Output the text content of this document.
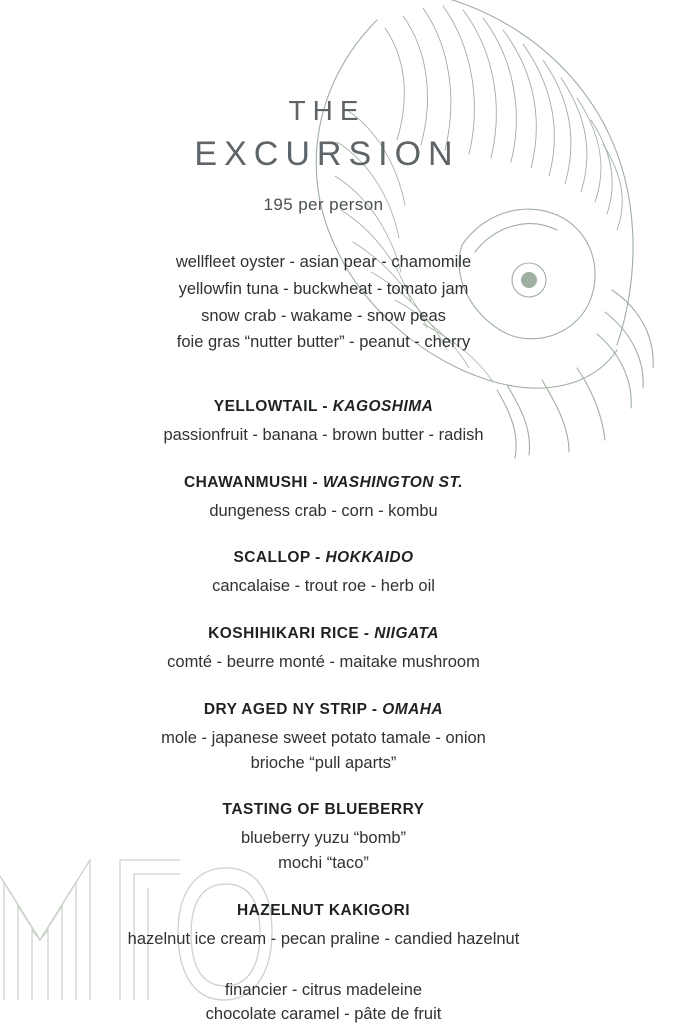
THE
EXCURSION
195 per person
wellfleet oyster - asian pear - chamomile
yellowfin tuna - buckwheat - tomato jam
snow crab - wakame - snow peas
foie gras “nutter butter” - peanut - cherry
YELLOWTAIL - KAGOSHIMA
passionfruit - banana - brown butter - radish
CHAWANMUSHI - WASHINGTON ST.
dungeness crab - corn - kombu
SCALLOP - HOKKAIDO
cancalaise - trout roe - herb oil
KOSHIHIKARI RICE - NIIGATA
comté - beurre monté - maitake mushroom
DRY AGED NY STRIP - OMAHA
mole - japanese sweet potato tamale - onion
brioche “pull aparts”
TASTING OF BLUEBERRY
blueberry yuzu “bomb”
mochi “taco”
HAZELNUT KAKIGORI
hazelnut ice cream - pecan praline - candied hazelnut
financier - citrus madeleine
chocolate caramel - pâte de fruit
